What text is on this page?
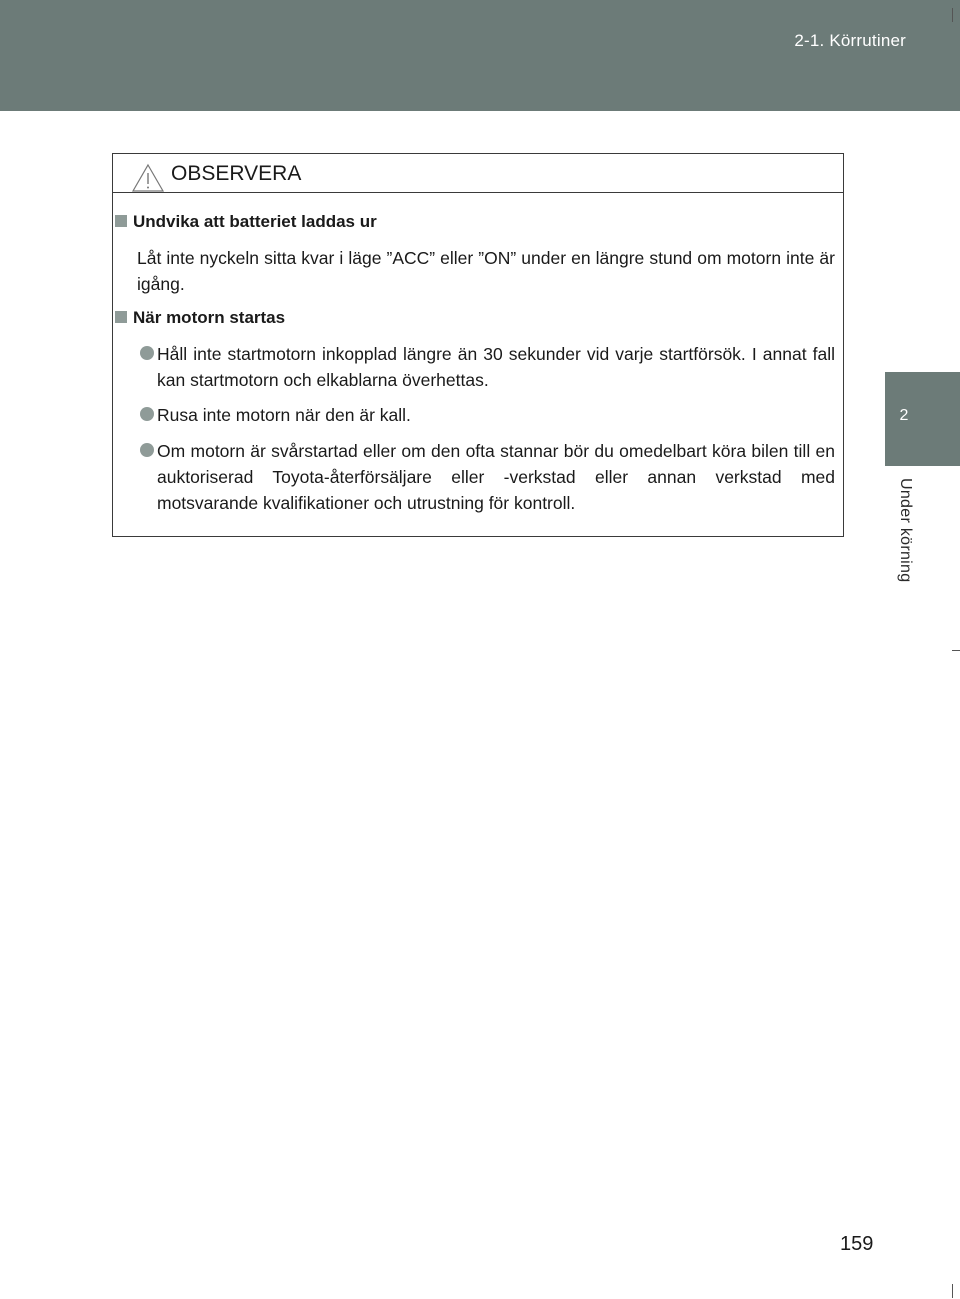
2-1. Körrutiner
2
Under körning
OBSERVERA
Undvika att batteriet laddas ur
Låt inte nyckeln sitta kvar i läge ”ACC” eller ”ON” under en längre stund om motorn inte är igång.
När motorn startas
Håll inte startmotorn inkopplad längre än 30 sekunder vid varje startförsök. I annat fall kan startmotorn och elkablarna överhettas.
Rusa inte motorn när den är kall.
Om motorn är svårstartad eller om den ofta stannar bör du omedelbart köra bilen till en auktoriserad Toyota-återförsäljare eller -verkstad eller annan verkstad med motsvarande kvalifikationer och utrustning för kontroll.
159
